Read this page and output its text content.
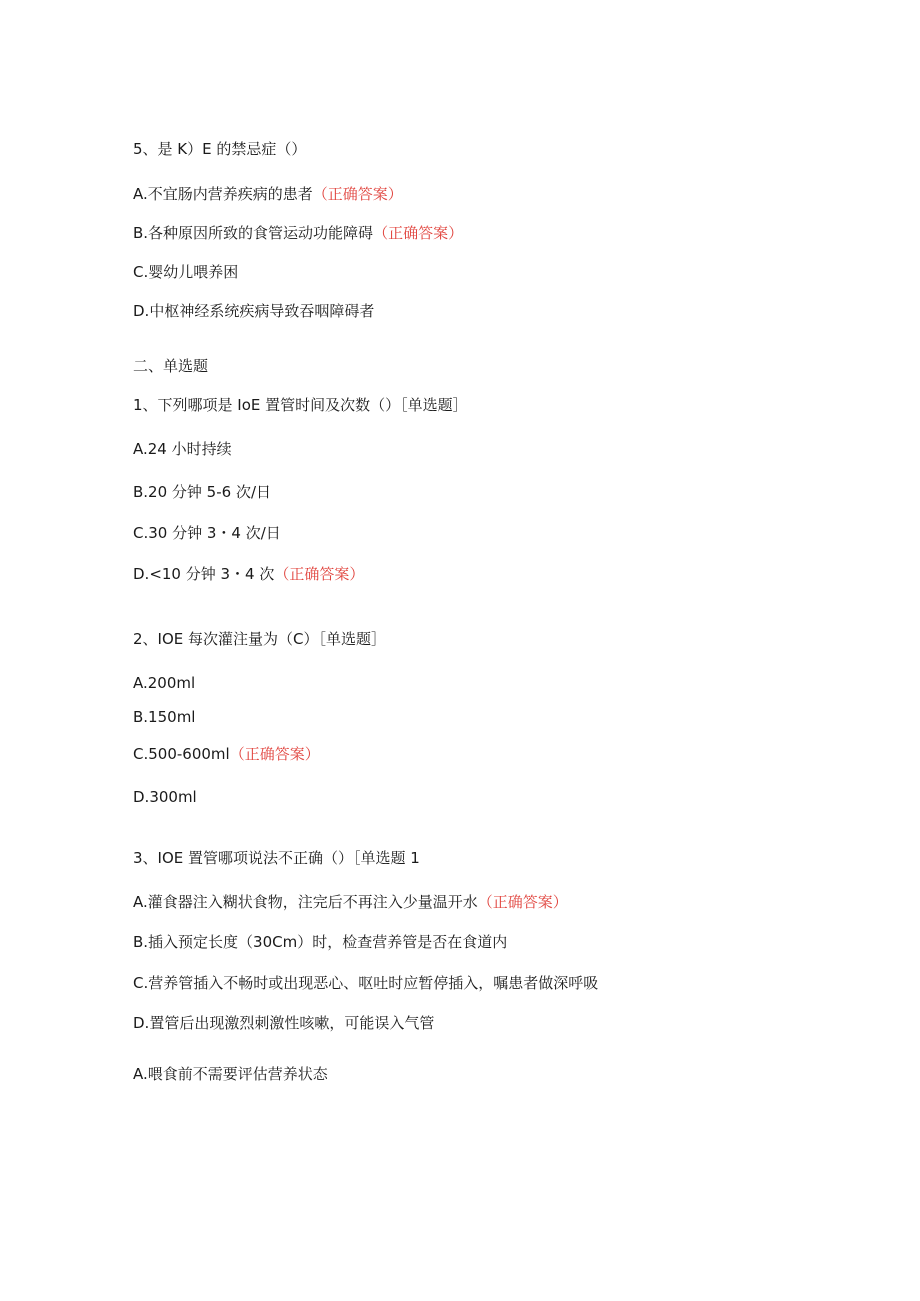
5、是 K）E 的禁忌症（）
A.不宜肠内营养疾病的患者（正确答案）
B.各种原因所致的食管运动功能障碍（正确答案）
C.婴幼儿喂养困
D.中枢神经系统疾病导致吞咽障碍者
二、单选题
1、下列哪项是 IoE 置管时间及次数（）［单选题］
A.24 小时持续
B.20 分钟 5-6 次/日
C.30 分钟 3・4 次/日
D.<10 分钟 3・4 次（正确答案）
2、IOE 每次灌注量为（C）［单选题］
A.200ml
B.150ml
C.500-600ml（正确答案）
D.300ml
3、IOE 置管哪项说法不正确（）［单选题 1
A.灌食器注入糊状食物，注完后不再注入少量温开水（正确答案）
B.插入预定长度（30Cm）时，检查营养管是否在食道内
C.营养管插入不畅时或出现恶心、呕吐时应暂停插入，嘱患者做深呼吸
D.置管后出现激烈刺激性咳嗽，可能误入气管
A.喂食前不需要评估营养状态
